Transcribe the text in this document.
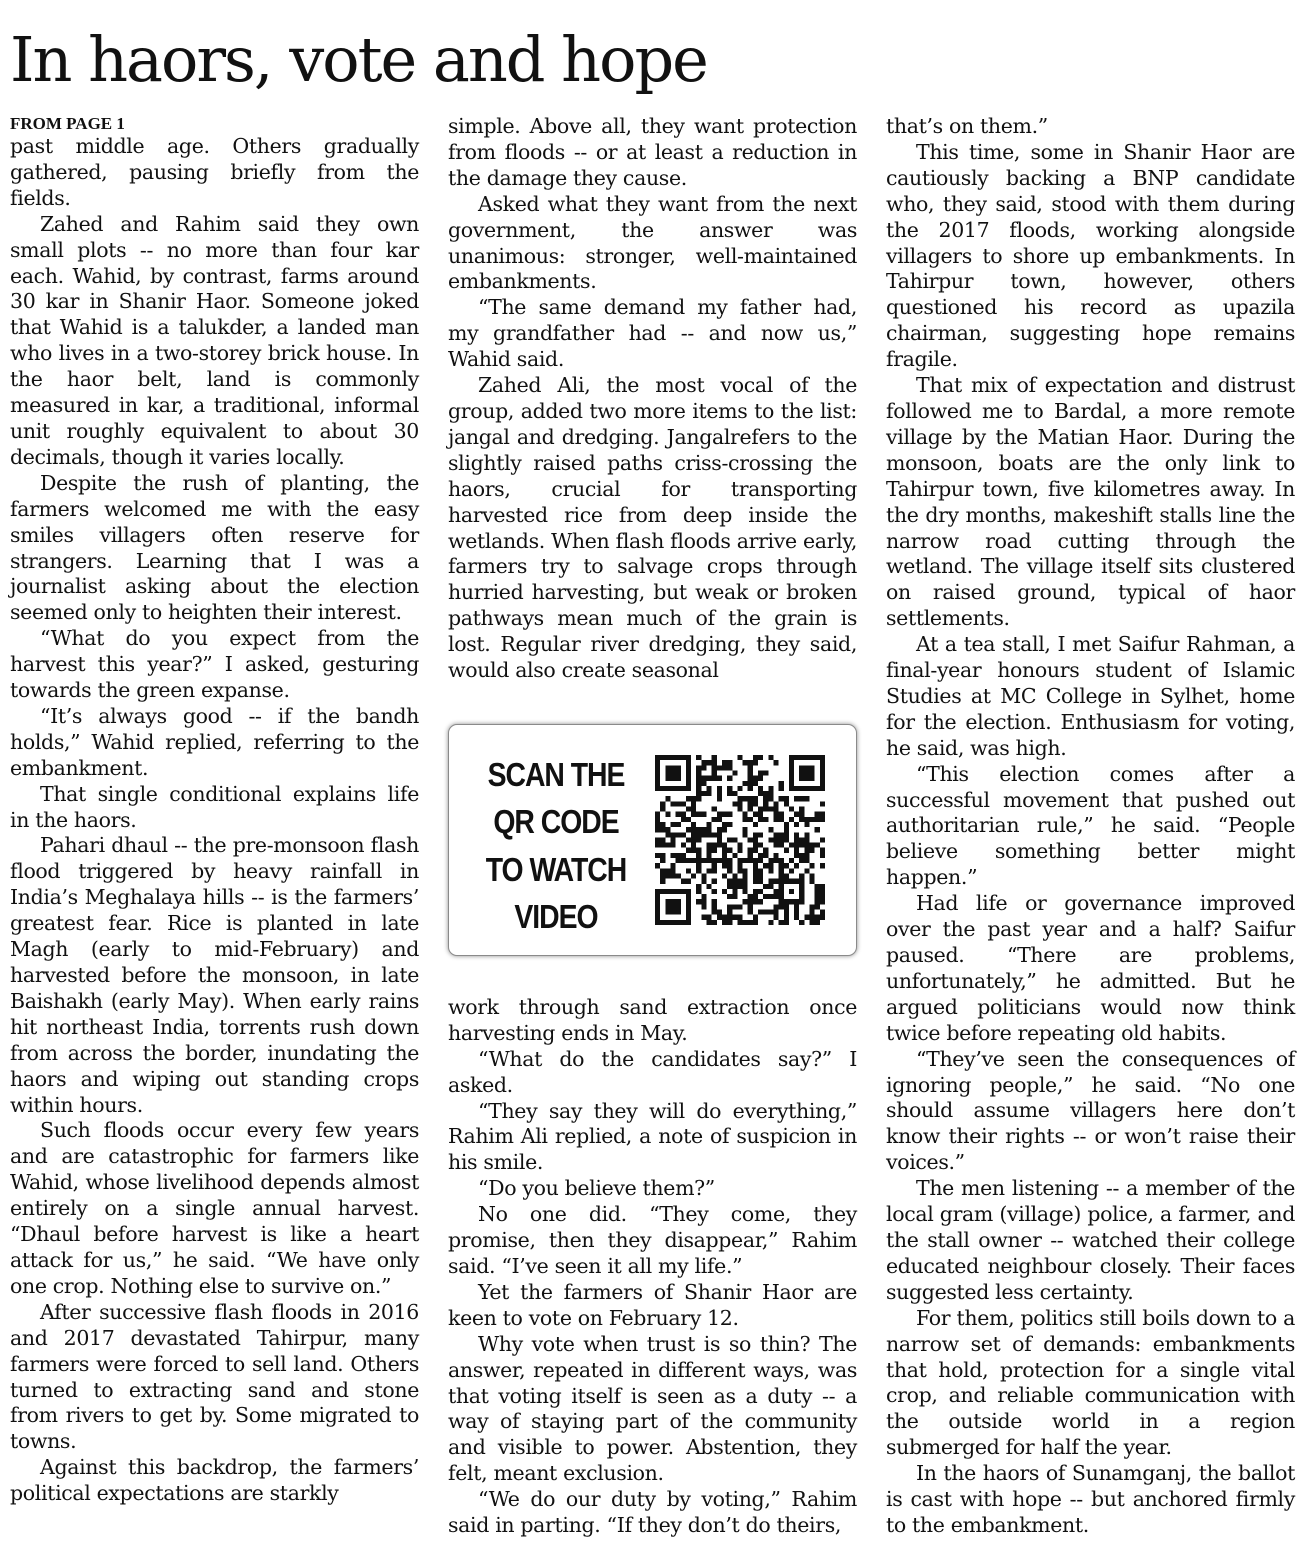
In haors, vote and hope
FROM PAGE 1

past middle age. Others gradually gathered, pausing briefly from the fields.

Zahed and Rahim said they own small plots -- no more than four kar each. Wahid, by contrast, farms around 30 kar in Shanir Haor. Someone joked that Wahid is a talukder, a landed man who lives in a two-storey brick house. In the haor belt, land is commonly measured in kar, a traditional, informal unit roughly equivalent to about 30 decimals, though it varies locally.

Despite the rush of planting, the farmers welcomed me with the easy smiles villagers often reserve for strangers. Learning that I was a journalist asking about the election seemed only to heighten their interest.

“What do you expect from the harvest this year?” I asked, gesturing towards the green expanse.

“It’s always good -- if the bandh holds,” Wahid replied, referring to the embankment.

That single conditional explains life in the haors.

Pahari dhaul -- the pre-monsoon flash flood triggered by heavy rainfall in India’s Meghalaya hills -- is the farmers’ greatest fear. Rice is planted in late Magh (early to mid-February) and harvested before the monsoon, in late Baishakh (early May). When early rains hit northeast India, torrents rush down from across the border, inundating the haors and wiping out standing crops within hours.

Such floods occur every few years and are catastrophic for farmers like Wahid, whose livelihood depends almost entirely on a single annual harvest. “Dhaul before harvest is like a heart attack for us,” he said. “We have only one crop. Nothing else to survive on.”

After successive flash floods in 2016 and 2017 devastated Tahirpur, many farmers were forced to sell land. Others turned to extracting sand and stone from rivers to get by. Some migrated to towns.

Against this backdrop, the farmers’ political expectations are starkly

simple. Above all, they want protection from floods -- or at least a reduction in the damage they cause.

Asked what they want from the next government, the answer was unanimous: stronger, well-maintained embankments.

“The same demand my father had, my grandfather had -- and now us,” Wahid said.

Zahed Ali, the most vocal of the group, added two more items to the list: jangal and dredging. Jangalrefers to the slightly raised paths criss-crossing the haors, crucial for transporting harvested rice from deep inside the wetlands. When flash floods arrive early, farmers try to salvage crops through hurried harvesting, but weak or broken pathways mean much of the grain is lost. Regular river dredging, they said, would also create seasonal

SCAN THE
QR CODE
TO WATCH
VIDEO

work through sand extraction once harvesting ends in May.

“What do the candidates say?” I asked.

“They say they will do everything,” Rahim Ali replied, a note of suspicion in his smile.

“Do you believe them?”

No one did. “They come, they promise, then they disappear,” Rahim said. “I’ve seen it all my life.”

Yet the farmers of Shanir Haor are keen to vote on February 12.

Why vote when trust is so thin? The answer, repeated in different ways, was that voting itself is seen as a duty -- a way of staying part of the community and visible to power. Abstention, they felt, meant exclusion.

“We do our duty by voting,” Rahim said in parting. “If they don’t do theirs,

that’s on them.”

This time, some in Shanir Haor are cautiously backing a BNP candidate who, they said, stood with them during the 2017 floods, working alongside villagers to shore up embankments. In Tahirpur town, however, others questioned his record as upazila chairman, suggesting hope remains fragile.

That mix of expectation and distrust followed me to Bardal, a more remote village by the Matian Haor. During the monsoon, boats are the only link to Tahirpur town, five kilometres away. In the dry months, makeshift stalls line the narrow road cutting through the wetland. The village itself sits clustered on raised ground, typical of haor settlements.

At a tea stall, I met Saifur Rahman, a final-year honours student of Islamic Studies at MC College in Sylhet, home for the election. Enthusiasm for voting, he said, was high.

“This election comes after a successful movement that pushed out authoritarian rule,” he said. “People believe something better might happen.”

Had life or governance improved over the past year and a half? Saifur paused. “There are problems, unfortunately,” he admitted. But he argued politicians would now think twice before repeating old habits.

“They’ve seen the consequences of ignoring people,” he said. “No one should assume villagers here don’t know their rights -- or won’t raise their voices.”

The men listening -- a member of the local gram (village) police, a farmer, and the stall owner -- watched their college educated neighbour closely. Their faces suggested less certainty.

For them, politics still boils down to a narrow set of demands: embankments that hold, protection for a single vital crop, and reliable communication with the outside world in a region submerged for half the year.

In the haors of Sunamganj, the ballot is cast with hope -- but anchored firmly to the embankment.
